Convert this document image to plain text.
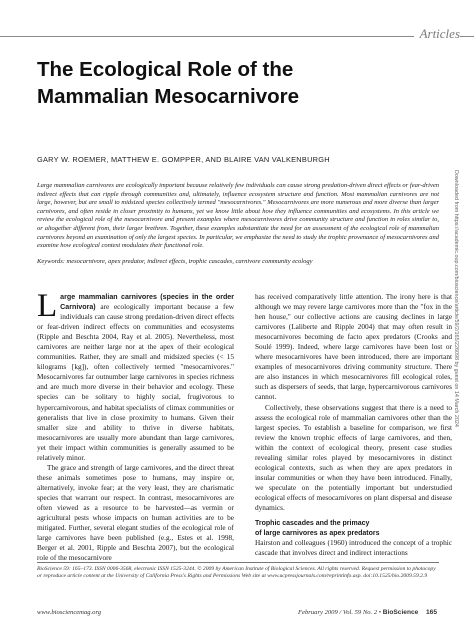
Articles
The Ecological Role of the
Mammalian Mesocarnivore
GARY W. ROEMER, MATTHEW E. GOMPPER, AND BLAIRE VAN VALKENBURGH
Large mammalian carnivores are ecologically important because relatively few individuals can cause strong predation-driven direct effects or fear-driven indirect effects that can ripple through communities and, ultimately, influence ecosystem structure and function. Most mammalian carnivores are not large, however, but are small to midsized species collectively termed "mesocarnivores." Mesocarnivores are more numerous and more diverse than larger carnivores, and often reside in closer proximity to humans, yet we know little about how they influence communities and ecosystems. In this article we review the ecological role of the mesocarnivore and present examples where mesocarnivores drive community structure and function in roles similar to, or altogether different from, their larger brethren. Together, these examples substantiate the need for an assessment of the ecological role of mammalian carnivores beyond an examination of only the largest species. In particular, we emphasize the need to study the trophic provenance of mesocarnivores and examine how ecological context modulates their functional role.
Keywords: mesocarnivore, apex predator, indirect effects, trophic cascades, carnivore community ecology	Downloaded from https://academic.oup.com/bioscience/article/59/2/165/226098 by guest on 14 March 2024

Large mammalian carnivores (species in the order Carnivora) are ecologically important because a few individuals can cause strong predation-driven direct effects or fear-driven indirect effects on communities and ecosystems (Ripple and Beschta 2004, Ray et al. 2005). Nevertheless, most carnivores are neither large nor at the apex of their ecological communities. Rather, they are small and midsized species (< 15 kilograms [kg]), often collectively termed "mesocarnivores." Mesocarnivores far outnumber large carnivores in species richness and are much more diverse in their behavior and ecology. These species can be solitary to highly social, frugivorous to hypercarnivorous, and habitat specialists of climax communities or generalists that live in close proximity to humans. Given their smaller size and ability to thrive in diverse habitats, mesocarnivores are usually more abundant than large carnivores, yet their impact within communities is generally assumed to be relatively minor.

The grace and strength of large carnivores, and the direct threat these animals sometimes pose to humans, may inspire or, alternatively, invoke fear; at the very least, they are charismatic species that warrant our respect. In contrast, mesocarnivores are often viewed as a resource to be harvested—as vermin or agricultural pests whose impacts on human activities are to be mitigated. Further, several elegant studies of the ecological role of large carnivores have been published (e.g., Estes et al. 1998, Berger et al. 2001, Ripple and Beschta 2007), but the ecological role of the mesocarnivore

has received comparatively little attention. The irony here is that although we may revere large carnivores more than the "fox in the hen house," our collective actions are causing declines in large carnivores (Laliberte and Ripple 2004) that may often result in mesocarnivores becoming de facto apex predators (Crooks and Soulé 1999). Indeed, where large carnivores have been lost or where mesocarnivores have been introduced, there are important examples of mesocarnivores driving community structure. There are also instances in which mesocarnivores fill ecological roles, such as dispersers of seeds, that large, hypercarnivorous carnivores cannot.

Collectively, these observations suggest that there is a need to assess the ecological role of mammalian carnivores other than the largest species. To establish a baseline for comparison, we first review the known trophic effects of large carnivores, and then, within the context of ecological theory, present case studies revealing similar roles played by mesocarnivores in distinct ecological contexts, such as when they are apex predators in insular communities or when they have been introduced. Finally, we speculate on the potentially important but understudied ecological effects of mesocarnivores on plant dispersal and disease dynamics.

Trophic cascades and the primacy
of large carnivores as apex predators

Hairston and colleagues (1960) introduced the concept of a trophic cascade that involves direct and indirect interactions

BioScience 59: 165–173. ISSN 0006-3568, electronic ISSN 1525-3244. © 2009 by American Institute of Biological Sciences. All rights reserved. Request permission to photocopy or reproduce article content at the University of California Press's Rights and Permissions Web site at www.ucpressjournals.com/reprintinfo.asp. doi:10.1525/bio.2009.59.2.9
www.biosciencemag.org	February 2009 / Vol. 59 No. 2 • BioScience 165
